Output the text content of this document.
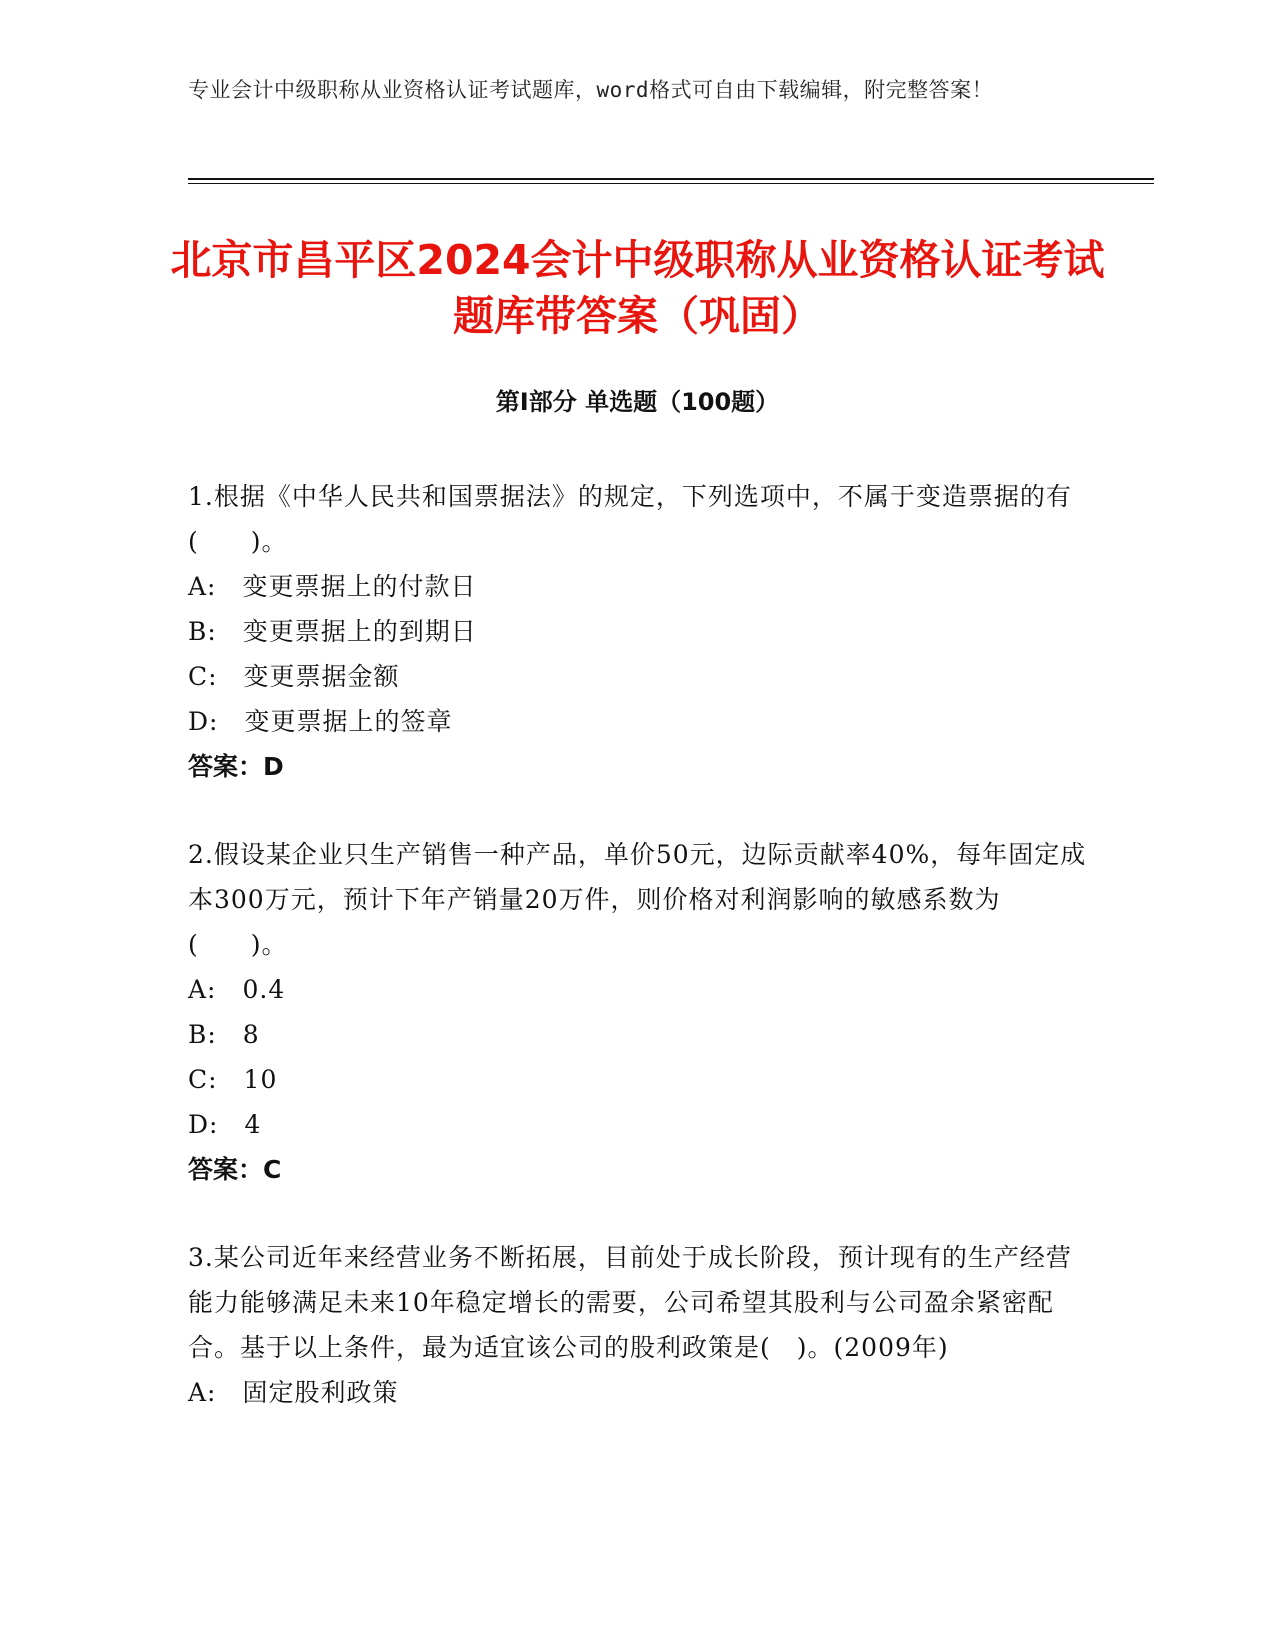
专业会计中级职称从业资格认证考试题库，word格式可自由下载编辑，附完整答案！
北京市昌平区2024会计中级职称从业资格认证考试题库带答案（巩固）
第Ⅰ部分 单选题（100题）
1.根据《中华人民共和国票据法》的规定，下列选项中，不属于变造票据的有(　　)。
A:　变更票据上的付款日
B:　变更票据上的到期日
C:　变更票据金额
D:　变更票据上的签章
答案：D
2.假设某企业只生产销售一种产品，单价50元，边际贡献率40%，每年固定成本300万元，预计下年产销量20万件，则价格对利润影响的敏感系数为(　　)。
A:　0.4
B:　8
C:　10
D:　4
答案：C
3.某公司近年来经营业务不断拓展，目前处于成长阶段，预计现有的生产经营能力能够满足未来10年稳定增长的需要，公司希望其股利与公司盈余紧密配合。基于以上条件，最为适宜该公司的股利政策是(　)。(2009年)
A:　固定股利政策
